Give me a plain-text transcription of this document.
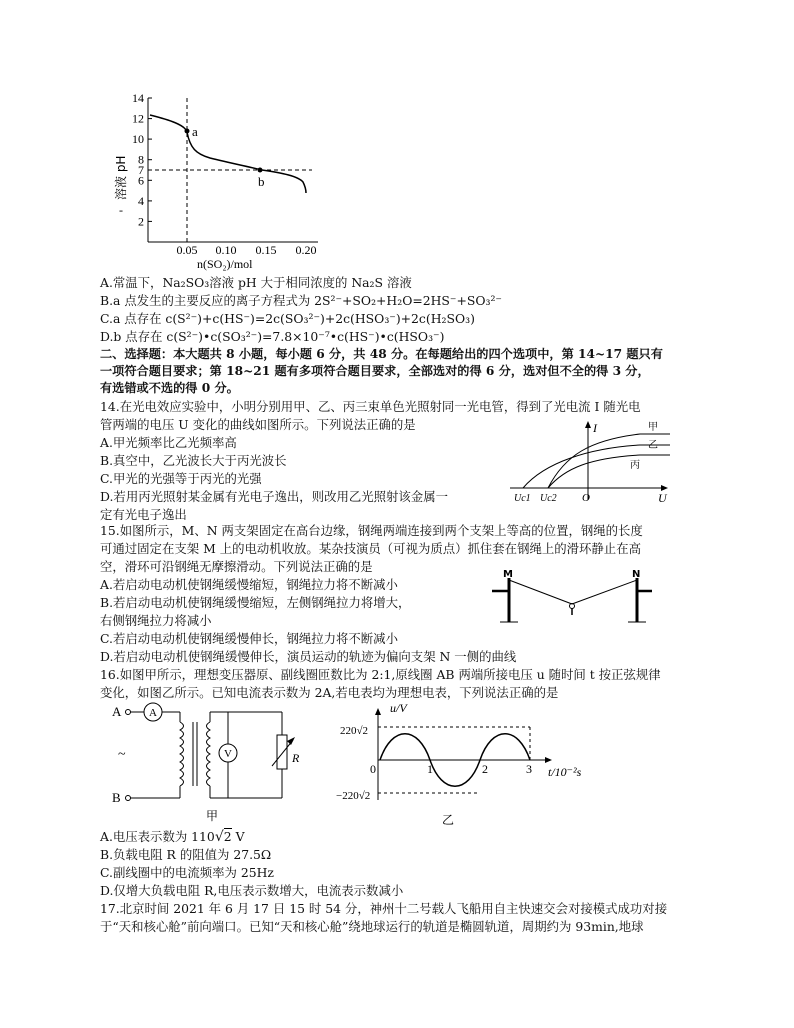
14
12
10
8
7
6
4
2
0.05 0.10 0.15 0.20
溶液 pH
-
n(SO₂)/mol
a
b
A.常温下，Na₂SO₃溶液 pH 大于相同浓度的 Na₂S 溶液
B.a 点发生的主要反应的离子方程式为 2S²⁻+SO₂+H₂O=2HS⁻+SO₃²⁻
C.a 点存在 c(S²⁻)+c(HS⁻)=2c(SO₃²⁻)+2c(HSO₃⁻)+2c(H₂SO₃)
D.b 点存在 c(S²⁻)•c(SO₃²⁻)=7.8×10⁻⁷•c(HS⁻)•c(HSO₃⁻)
二、选择题：本大题共 8 小题，每小题 6 分，共 48 分。在每题给出的四个选项中，第 14~17 题只有
一项符合题目要求；第 18~21 题有多项符合题目要求，全部选对的得 6 分，选对但不全的得 3 分，
有选错或不选的得 0 分。
14.在光电效应实验中，小明分别用甲、乙、丙三束单色光照射同一光电管，得到了光电流 I 随光电
管两端的电压 U 变化的曲线如图所示。下列说法正确的是
A.甲光频率比乙光频率高
B.真空中，乙光波长大于丙光波长
C.甲光的光强等于丙光的光强
D.若用丙光照射某金属有光电子逸出，则改用乙光照射该金属一
定有光电子逸出
I
U
O
甲
乙
丙
Uc1 Uc2
15.如图所示，M、N 两支架固定在高台边缘，钢绳两端连接到两个支架上等高的位置，钢绳的长度
可通过固定在支架 M 上的电动机收放。某杂技演员（可视为质点）抓住套在钢绳上的滑环静止在高
空，滑环可沿钢绳无摩擦滑动。下列说法正确的是
A.若启动电动机使钢绳缓慢缩短，钢绳拉力将不断减小
B.若启动电动机使钢绳缓慢缩短，左侧钢绳拉力将增大，
右侧钢绳拉力将减小
C.若启动电动机使钢绳缓慢伸长，钢绳拉力将不断减小
D.若启动电动机使钢绳缓慢伸长，演员运动的轨迹为偏向支架 N 一侧的曲线
M	N
16.如图甲所示，理想变压器原、副线圈匝数比为 2:1,原线圈 AB 两端所接电压 u 随时间 t 按正弦规律
变化，如图乙所示。已知电流表示数为 2A,若电表均为理想电表，下列说法正确的是
A
B
A
~	V	R
甲
u/V
t/10⁻²s
220√2
−220√2
0	1	2	3
乙
A.电压表示数为 110√2 V
B.负载电阻 R 的阻值为 27.5Ω
C.副线圈中的电流频率为 25Hz
D.仅增大负载电阻 R,电压表示数增大，电流表示数减小
17.北京时间 2021 年 6 月 17 日 15 时 54 分，神州十二号载人飞船用自主快速交会对接模式成功对接
于“天和核心舱”前向端口。已知“天和核心舱”绕地球运行的轨道是椭圆轨道，周期约为 93min,地球
